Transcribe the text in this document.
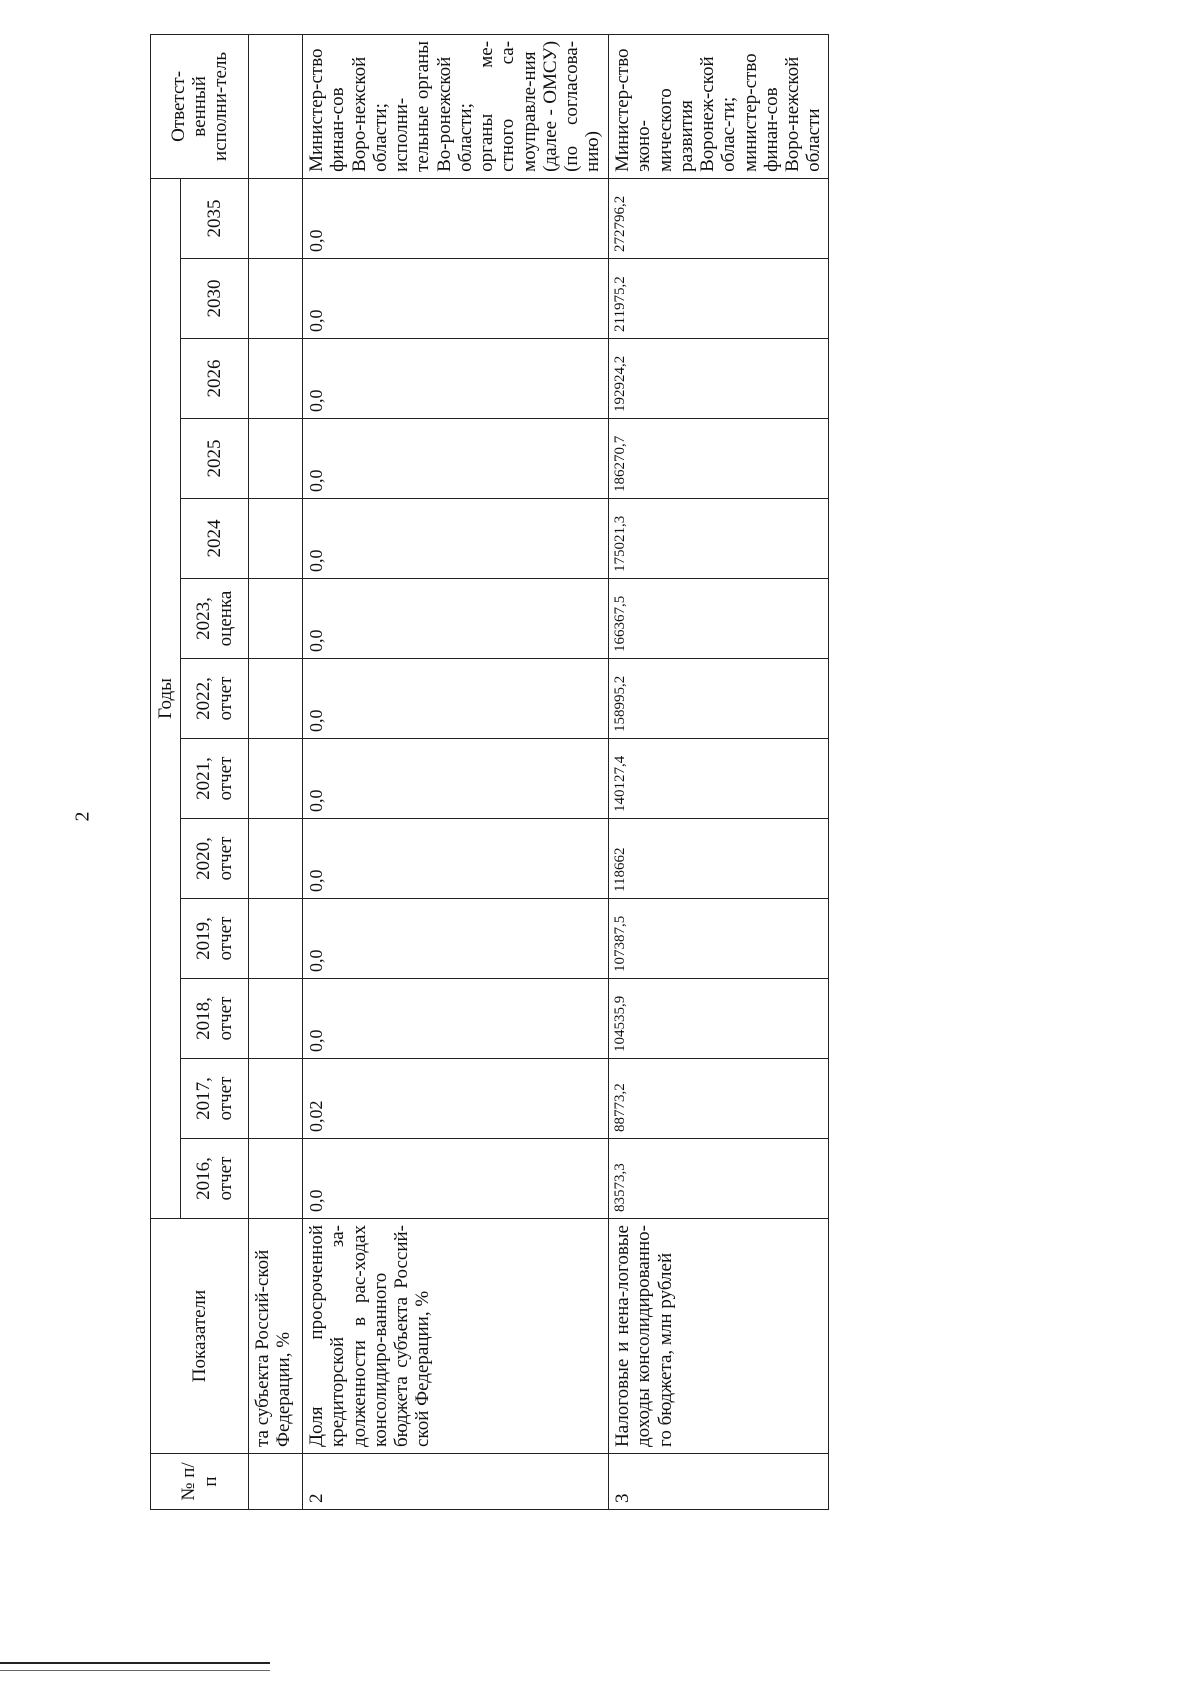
2
№ п/п	Показатели	Годы													Ответст-венный исполни-тель
		2016, отчет	2017, отчет	2018, отчет	2019, отчет	2020, отчет	2021, отчет	2022, отчет	2023, оценка	2024	2025	2026	2030	2035	
	та субъекта Россий-ской Федерации, %														
2	Доля просроченной кредиторской за-долженности в рас-ходах консолидиро-ванного бюджета субъекта Россий-ской Федерации, %	0,0	0,02	0,0	0,0	0,0	0,0	0,0	0,0	0,0	0,0	0,0	0,0	0,0	Министер-ство финан-сов Воро-нежской области; исполни-тельные органы Во-ронежской области; органы ме-стного са-моуправле-ния (далее - ОМСУ) (по согласова-нию)
3	Налоговые и нена-логовые доходы консолидированно-го бюджета, млн рублей	83573,3	88773,2	104535,9	107387,5	118662	140127,4	158995,2	166367,5	175021,3	186270,7	192924,2	211975,2	272796,2	Министер-ство эконо-мического развития Воронеж-ской облас-ти; министер-ство финан-сов Воро-нежской области
